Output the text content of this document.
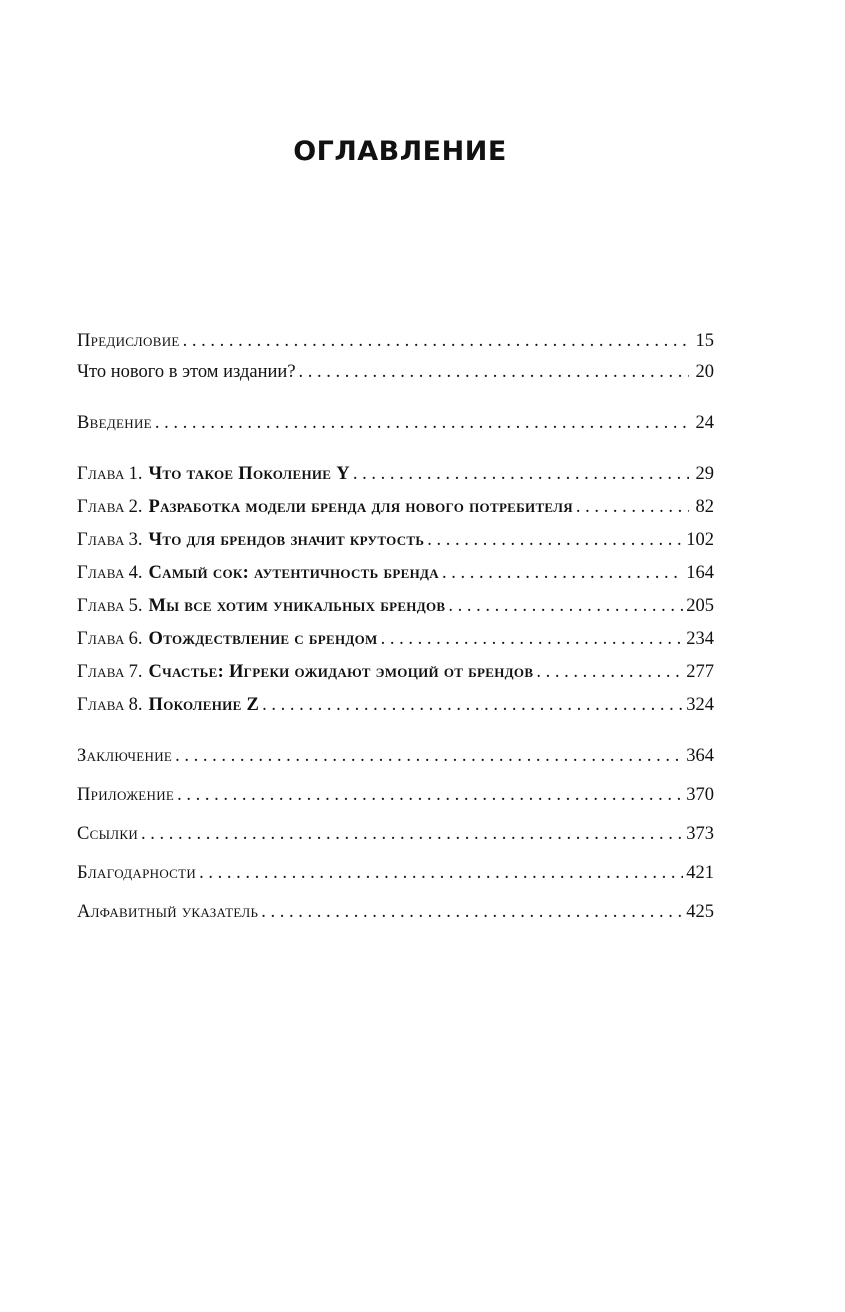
ОГЛАВЛЕНИЕ
Предисловие . . .	15
Что нового в этом издании? . . .	20
Введение . . .	24
Глава 1. Что такое Поколение Y . . .	29
Глава 2. Разработка модели бренда для нового потребителя . . .	82
Глава 3. Что для брендов значит крутость . . .	102
Глава 4. Самый сок: аутентичность бренда . . .	164
Глава 5. Мы все хотим уникальных брендов . . .	205
Глава 6. Отождествление с брендом . . .	234
Глава 7. Счастье: Игреки ожидают эмоций от брендов . . .	277
Глава 8. Поколение Z . . .	324
Заключение . . .	364
Приложение . . .	370
Ссылки . . .	373
Благодарности . . .	421
Алфавитный указатель . . .	425
